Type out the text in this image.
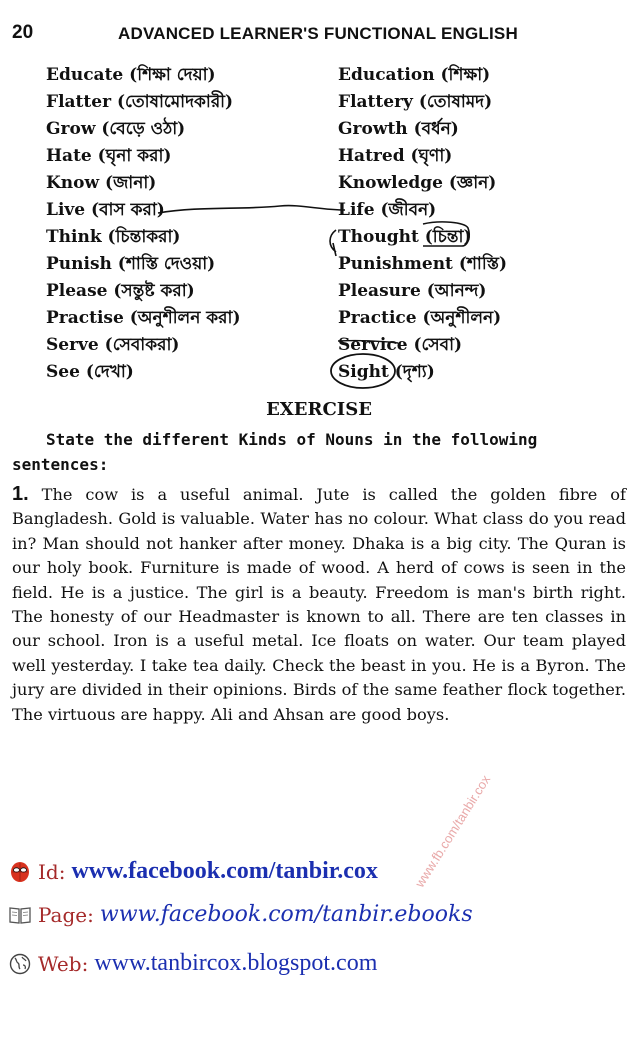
20	ADVANCED LEARNER'S FUNCTIONAL ENGLISH
Educate (শিক্ষা দেয়া)	Education (শিক্ষা)
Flatter (তোষামোদকারী)	Flattery (তোষামদ)
Grow (বেড়ে ওঠা)	Growth (বর্ধন)
Hate (ঘৃনা করা)	Hatred (ঘৃণা)
Know (জানা)	Knowledge (জ্ঞান)
Live (বাস করা)	Life (জীবন)
Think (চিন্তাকরা)	Thought (চিন্তা)
Punish (শাস্তি দেওয়া)	Punishment (শাস্তি)
Please (সন্তুষ্ট করা)	Pleasure (আনন্দ)
Practise (অনুশীলন করা)	Practice (অনুশীলন)
Serve (সেবাকরা)	Service (সেবা)
See (দেখা)	Sight (দৃশ্য)
EXERCISE
State the different Kinds of Nouns in the following sentences:
1. The cow is a useful animal. Jute is called the golden fibre of Bangladesh. Gold is valuable. Water has no colour. What class do you read in? Man should not hanker after money. Dhaka is a big city. The Quran is our holy book. Furniture is made of wood. A herd of cows is seen in the field. He is a justice. The girl is a beauty. Freedom is man's birth right. The honesty of our Headmaster is known to all. There are ten classes in our school. Iron is a useful metal. Ice floats on water. Our team played well yesterday. I take tea daily. Check the beast in you. He is a Byron. The jury are divided in their opinions. Birds of the same feather flock together. The virtuous are happy. Ali and Ahsan are good boys.
www.fb.com/tanbir.cox
Id: www.facebook.com/tanbir.cox
Page: www.facebook.com/tanbir.ebooks
Web: www.tanbircox.blogspot.com
